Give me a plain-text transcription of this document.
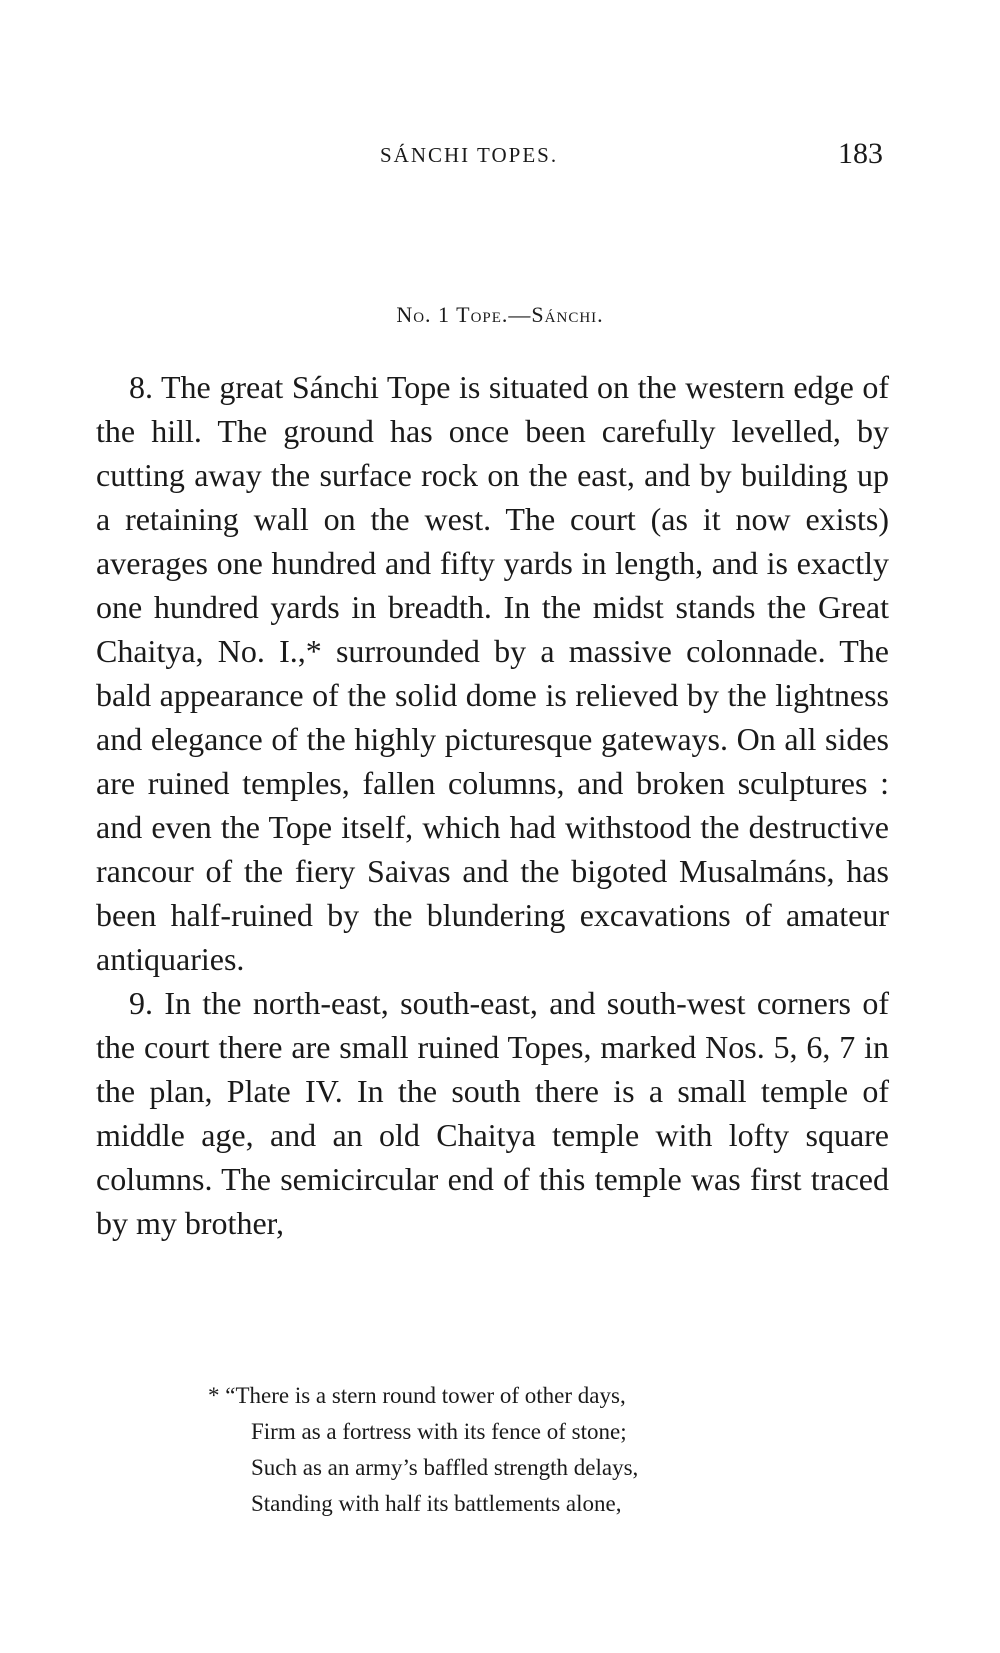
SÁNCHI TOPES.	183
No. 1 Tope.—Sánchi.

8. The great Sánchi Tope is situated on the western edge of the hill. The ground has once been carefully levelled, by cutting away the surface rock on the east, and by building up a retaining wall on the west. The court (as it now exists) averages one hundred and fifty yards in length, and is exactly one hundred yards in breadth. In the midst stands the Great Chaitya, No. I.,* surrounded by a massive colonnade. The bald appearance of the solid dome is relieved by the lightness and elegance of the highly picturesque gateways. On all sides are ruined temples, fallen columns, and broken sculptures : and even the Tope itself, which had withstood the destructive rancour of the fiery Saivas and the bigoted Musalmáns, has been half-ruined by the blundering excavations of amateur antiquaries.

9. In the north-east, south-east, and south-west corners of the court there are small ruined Topes, marked Nos. 5, 6, 7 in the plan, Plate IV. In the south there is a small temple of middle age, and an old Chaitya temple with lofty square columns. The semicircular end of this temple was first traced by my brother,

* “There is a stern round tower of other days,
Firm as a fortress with its fence of stone;
Such as an army’s baffled strength delays,
Standing with half its battlements alone,
